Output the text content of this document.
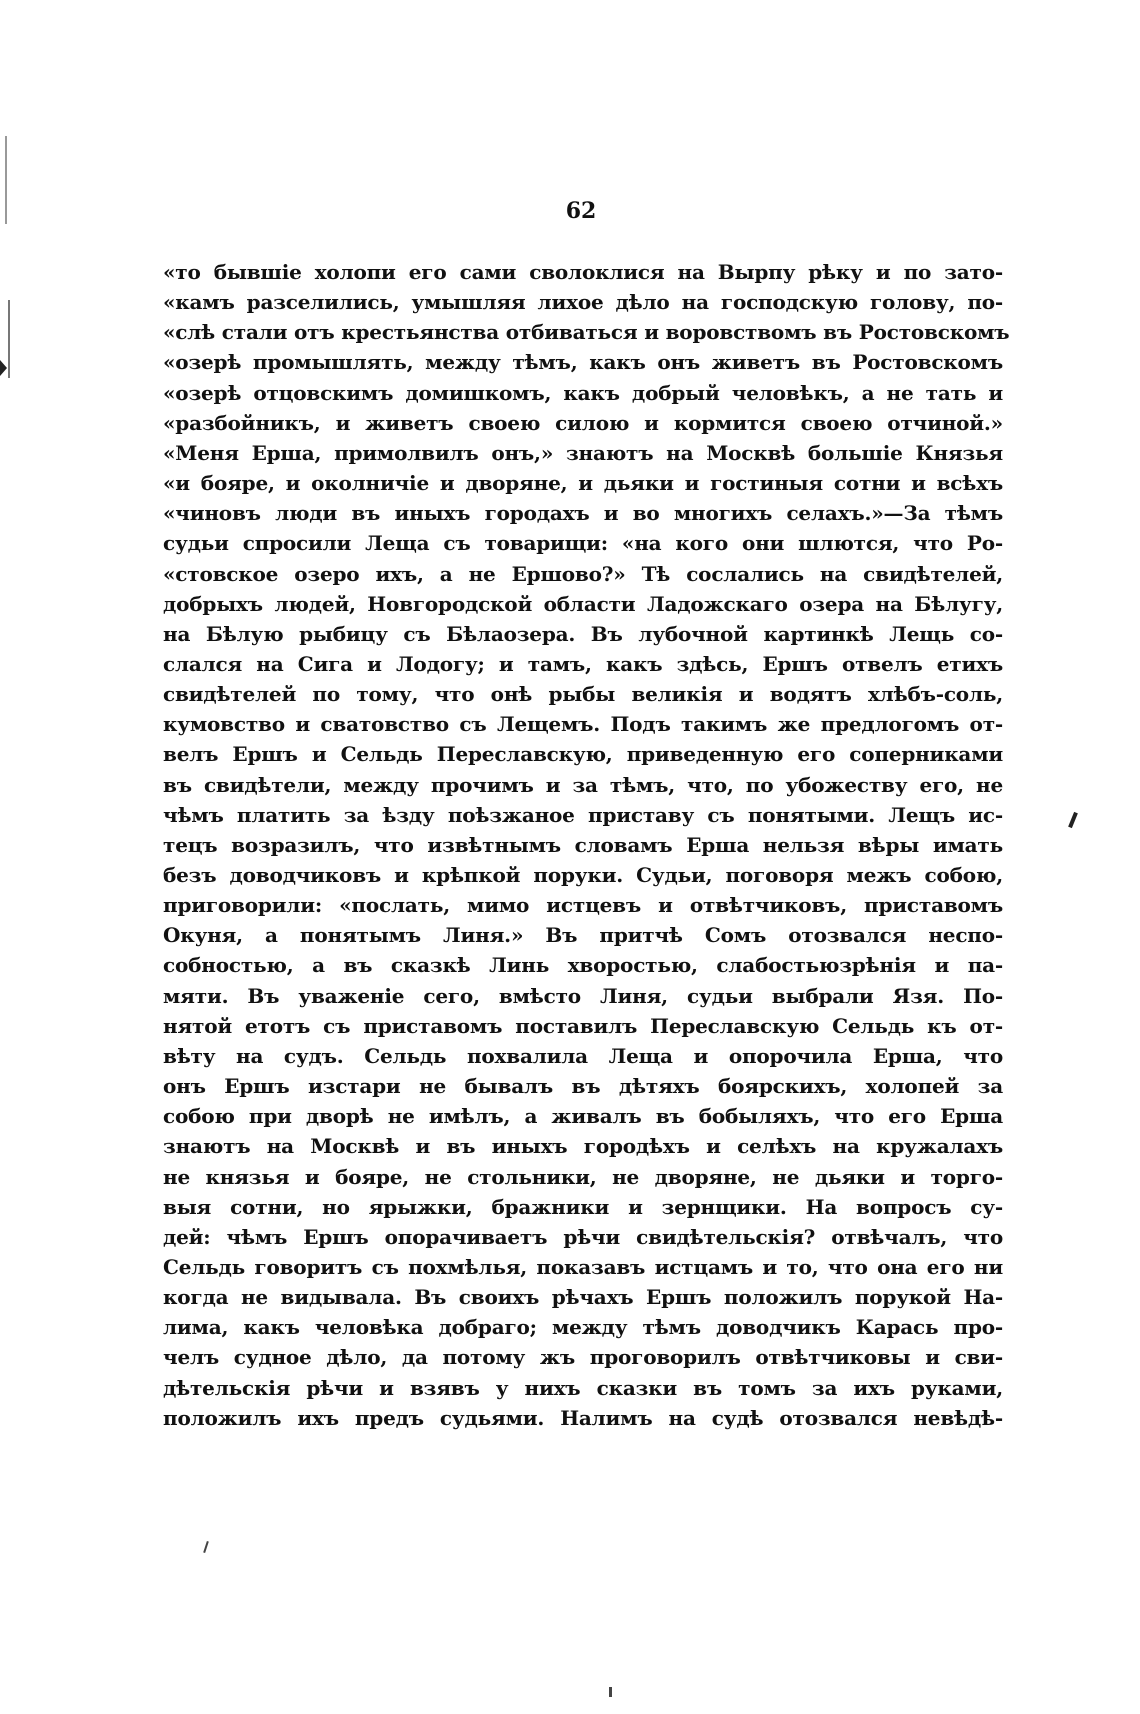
62
«то бывшіе холопи его сами сволоклися на Вырпу рѣку и по зато-
«камъ разселились, умышляя лихое дѣло на господскую голову, по-
«слѣ стали отъ крестьянства отбиваться и воровствомъ въ Ростовскомъ
«озерѣ промышлять, между тѣмъ, какъ онъ живетъ въ Ростовскомъ
«озерѣ отцовскимъ домишкомъ, какъ добрый человѣкъ, а не тать и
«разбойникъ, и живетъ своею силою и кормится своею отчиной.»
«Меня Ерша, примолвилъ онъ,» знаютъ на Москвѣ большіе Князья
«и бояре, и околничіе и дворяне, и дьяки и гостиныя сотни и всѣхъ
«чиновъ люди въ иныхъ городахъ и во многихъ селахъ.»—За тѣмъ
судьи спросили Леща съ товарищи: «на кого они шлются, что Ро-
«стовское озеро ихъ, а не Ершово?» Тѣ сослались на свидѣтелей,
добрыхъ людей, Новгородской области Ладожскаго озера на Бѣлугу,
на Бѣлую рыбицу съ Бѣлаозера. Въ лубочной картинкѣ Лещь со-
слался на Сига и Лодогу; и тамъ, какъ здѣсь, Ершъ отвелъ етихъ
свидѣтелей по тому, что онѣ рыбы великія и водятъ хлѣбъ-соль,
кумовство и сватовство съ Лещемъ. Подъ такимъ же предлогомъ от-
велъ Ершъ и Сельдь Переславскую, приведенную его соперниками
въ свидѣтели, между прочимъ и за тѣмъ, что, по убожеству его, не
чѣмъ платить за ѣзду поѣзжаное приставу съ понятыми. Лещъ ис-
тецъ возразилъ, что извѣтнымъ словамъ Ерша нельзя вѣры имать
безъ доводчиковъ и крѣпкой поруки. Судьи, поговоря межъ собою,
приговорили: «послать, мимо истцевъ и отвѣтчиковъ, приставомъ
Окуня, а понятымъ Линя.» Въ притчѣ Сомъ отозвался неспо-
собностью, а въ сказкѣ Линь хворостью, слабостьюзрѣнія и па-
мяти. Въ уваженіе сего, вмѣсто Линя, судьи выбрали Язя. По-
нятой етотъ съ приставомъ поставилъ Переславскую Сельдь къ от-
вѣту на судъ. Сельдь похвалила Леща и опорочила Ерша, что
онъ Ершъ изстари не бывалъ въ дѣтяхъ боярскихъ, холопей за
собою при дворѣ не имѣлъ, а живалъ въ бобыляхъ, что его Ерша
знаютъ на Москвѣ и въ иныхъ городѣхъ и селѣхъ на кружалахъ
не князья и бояре, не стольники, не дворяне, не дьяки и торго-
выя сотни, но ярыжки, бражники и зернщики. На вопросъ су-
дей: чѣмъ Ершъ опорачиваетъ рѣчи свидѣтельскія? отвѣчалъ, что
Сельдь говоритъ съ похмѣлья, показавъ истцамъ и то, что она его ни
когда не видывала. Въ своихъ рѣчахъ Ершъ положилъ порукой На-
лима, какъ человѣка добраго; между тѣмъ доводчикъ Карась про-
челъ судное дѣло, да потому жъ проговорилъ отвѣтчиковы и сви-
дѣтельскія рѣчи и взявъ у нихъ сказки въ томъ за ихъ руками,
положилъ ихъ предъ судьями. Налимъ на судѣ отозвался невѣдѣ-
